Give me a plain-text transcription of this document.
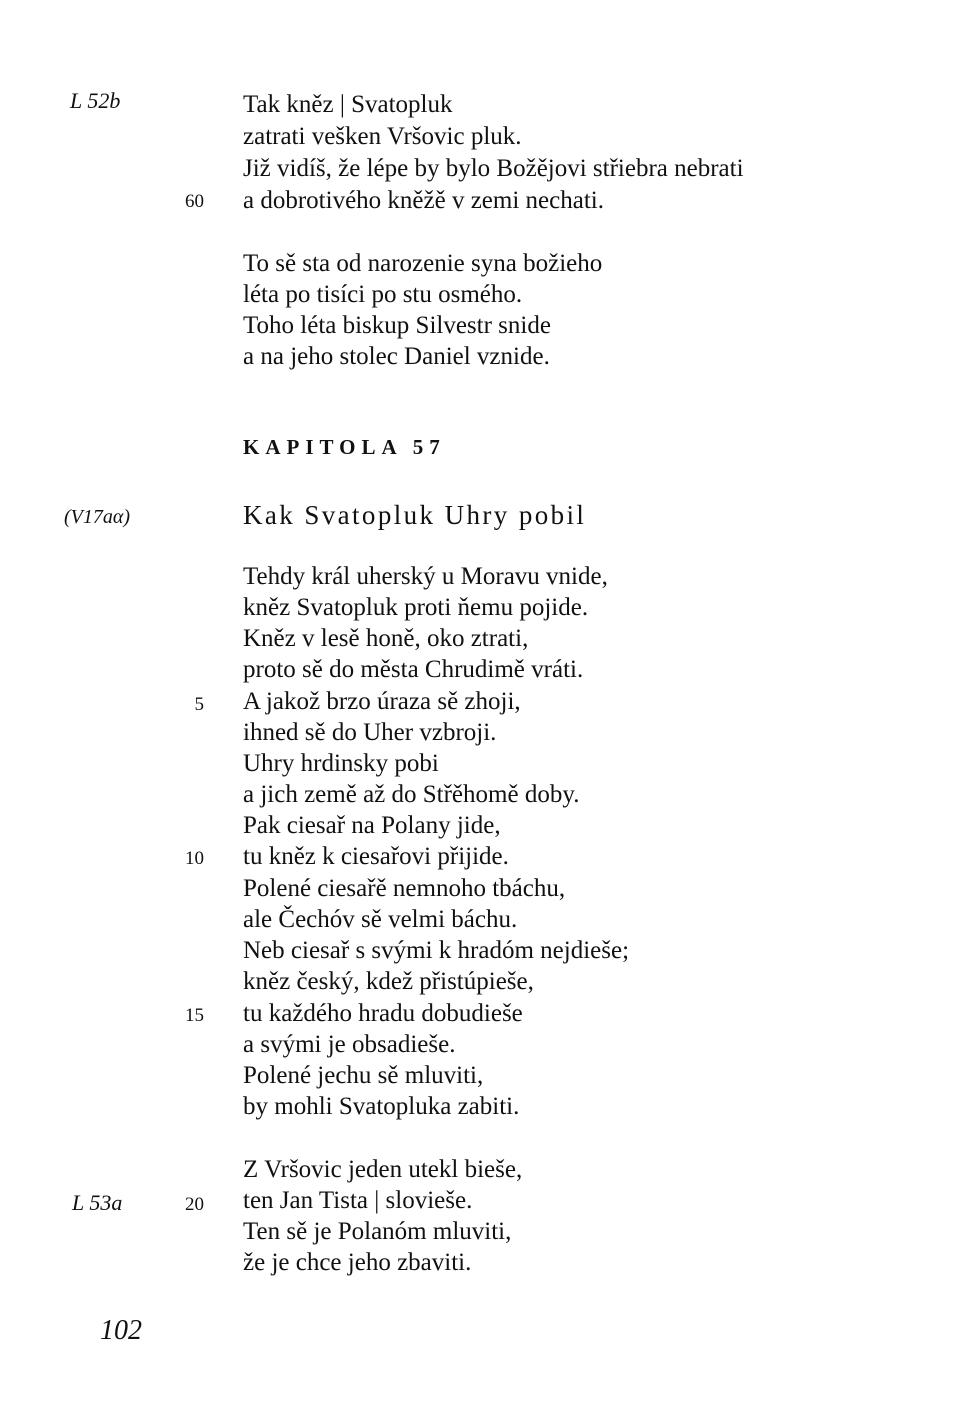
L 52b
(V17aα)
L 53a
60
5
10
15
20
Tak kněz | Svatopluk
zatrati vešken Vršovic pluk.
Již vidíš, že lépe by bylo Božějovi střiebra nebrati
a dobrotivého kněžě v zemi nechati.
To sě sta od narozenie syna božieho
léta po tisíci po stu osmého.
Toho léta biskup Silvestr snide
a na jeho stolec Daniel vznide.
KAPITOLA 57
Kak Svatopluk Uhry pobil
Tehdy král uherský u Moravu vnide,
kněz Svatopluk proti ňemu pojide.
Kněz v lesě honě, oko ztrati,
proto sě do města Chrudimě vráti.
A jakož brzo úraza sě zhoji,
ihned sě do Uher vzbroji.
Uhry hrdinsky pobi
a jich země až do Střěhomě doby.
Pak ciesař na Polany jide,
tu kněz k ciesařovi přijide.
Polené ciesařě nemnoho tbáchu,
ale Čechóv sě velmi báchu.
Neb ciesař s svými k hradóm nejdieše;
kněz český, kdež přistúpieše,
tu každého hradu dobudieše
a svými je obsadieše.
Polené jechu sě mluviti,
by mohli Svatopluka zabiti.
Z Vršovic jeden utekl bieše,
ten Jan Tista | slovieše.
Ten sě je Polanóm mluviti,
že je chce jeho zbaviti.
102
